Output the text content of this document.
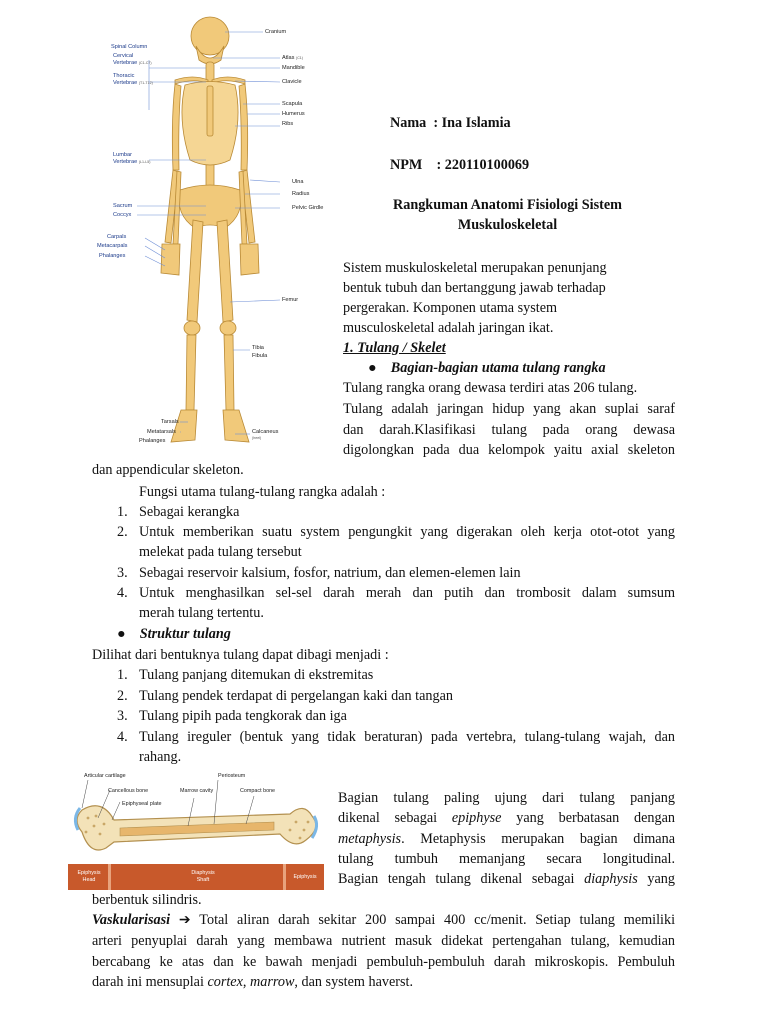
Spinal Column
Cervical
Vertebrae (C1-C7)
Thoracic
Vertebrae (T1-T12)
Lumbar
Vertebrae (L1-L5)
Sacrum
Coccyx
Carpals
Metacarpals
Phalanges
Tarsals
Metatarsals
Phalanges
Cranium
Atlas (C1)
Mandible
Clavicle
Scapula
Humerus
Ribs
Ulna
Radius
Pelvic Girdle
Femur
Tibia
Fibula
Calcaneus
(heel)
Nama : Ina Islamia
NPM : 220110100069
Rangkuman Anatomi Fisiologi Sistem
Muskuloskeletal
Sistem muskuloskeletal merupakan penunjang
bentuk tubuh dan bertanggung jawab terhadap
pergerakan. Komponen utama system
musculoskeletal adalah jaringan ikat.
1. Tulang / Skelet
● Bagian-bagian utama tulang rangka
Tulang rangka orang dewasa terdiri atas 206 tulang.
Tulang adalah jaringan hidup yang akan suplai saraf
dan darah.Klasifikasi tulang pada orang dewasa
digolongkan pada dua kelompok yaitu axial skeleton
dan appendicular skeleton.
Fungsi utama tulang-tulang rangka adalah :
1. Sebagai kerangka
2. Untuk memberikan suatu system pengungkit yang digerakan oleh kerja otot-otot yang
melekat pada tulang tersebut
3. Sebagai reservoir kalsium, fosfor, natrium, dan elemen-elemen lain
4. Untuk menghasilkan sel-sel darah merah dan putih dan trombosit dalam sumsum
merah tulang tertentu.
● Struktur tulang
Dilihat dari bentuknya tulang dapat dibagi menjadi :
1. Tulang panjang ditemukan di ekstremitas
2. Tulang pendek terdapat di pergelangan kaki dan tangan
3. Tulang pipih pada tengkorak dan iga
4. Tulang ireguler (bentuk yang tidak beraturan) pada vertebra, tulang-tulang wajah, dan
rahang.
Articular cartilage	Periosteum
Cancellous bone	Marrow cavity	Compact bone
Epiphyseal plate
Epiphysis
Head
Diaphysis
Shaft	Epiphysis
Bagian tulang paling ujung dari tulang panjang
dikenal sebagai epiphyse yang berbatasan dengan
metaphysis. Metaphysis merupakan bagian dimana
tulang tumbuh memanjang secara longitudinal.
Bagian tengah tulang dikenal sebagai diaphysis yang
berbentuk silindris.
Vaskularisasi ➔ Total aliran darah sekitar 200 sampai 400 cc/menit. Setiap tulang memiliki
arteri penyuplai darah yang membawa nutrient masuk didekat pertengahan tulang, kemudian
bercabang ke atas dan ke bawah menjadi pembuluh-pembuluh darah mikroskopis. Pembuluh
darah ini mensuplai cortex, marrow, dan system haverst.
